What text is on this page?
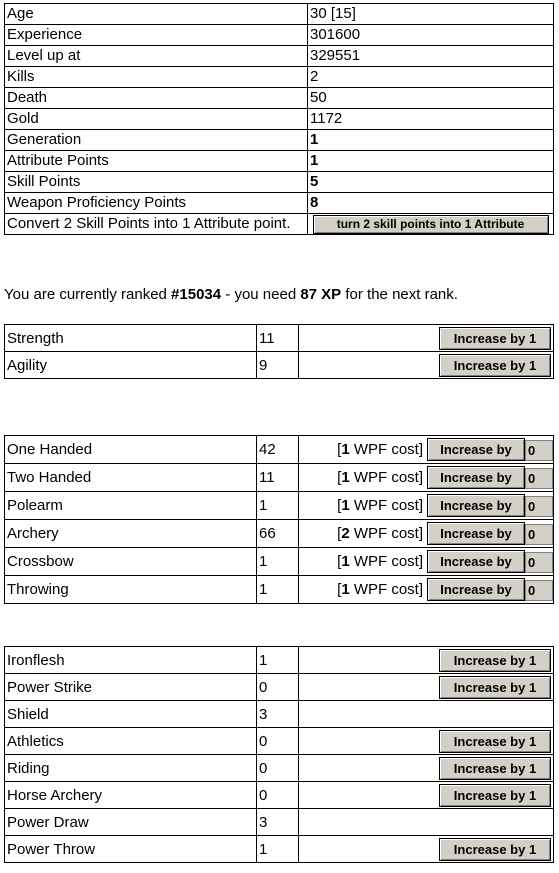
Age	30 [15]
Experience	301600
Level up at	329551
Kills	2
Death	50
Gold	1172
Generation	1
Attribute Points	1
Skill Points	5
Weapon Proficiency Points	8
Convert 2 Skill Points into 1 Attribute point.	turn 2 skill points into 1 Attribute
You are currently ranked #15034 - you need 87 XP for the next rank.
Strength	11	Increase by 1

Agility	9	Increase by 1
One Handed	42	[1 WPF cost] Increase by0
Two Handed	11	[1 WPF cost] Increase by0
Polearm	1	[1 WPF cost] Increase by0
Archery	66	[2 WPF cost] Increase by0
Crossbow	1	[1 WPF cost] Increase by0
Throwing	1	[1 WPF cost] Increase by0
Ironflesh	1	Increase by 1

Power Strike	0	Increase by 1

Shield	3	
Athletics	0	Increase by 1

Riding	0	Increase by 1

Horse Archery	0	Increase by 1

Power Draw	3	
Power Throw	1	Increase by 1
